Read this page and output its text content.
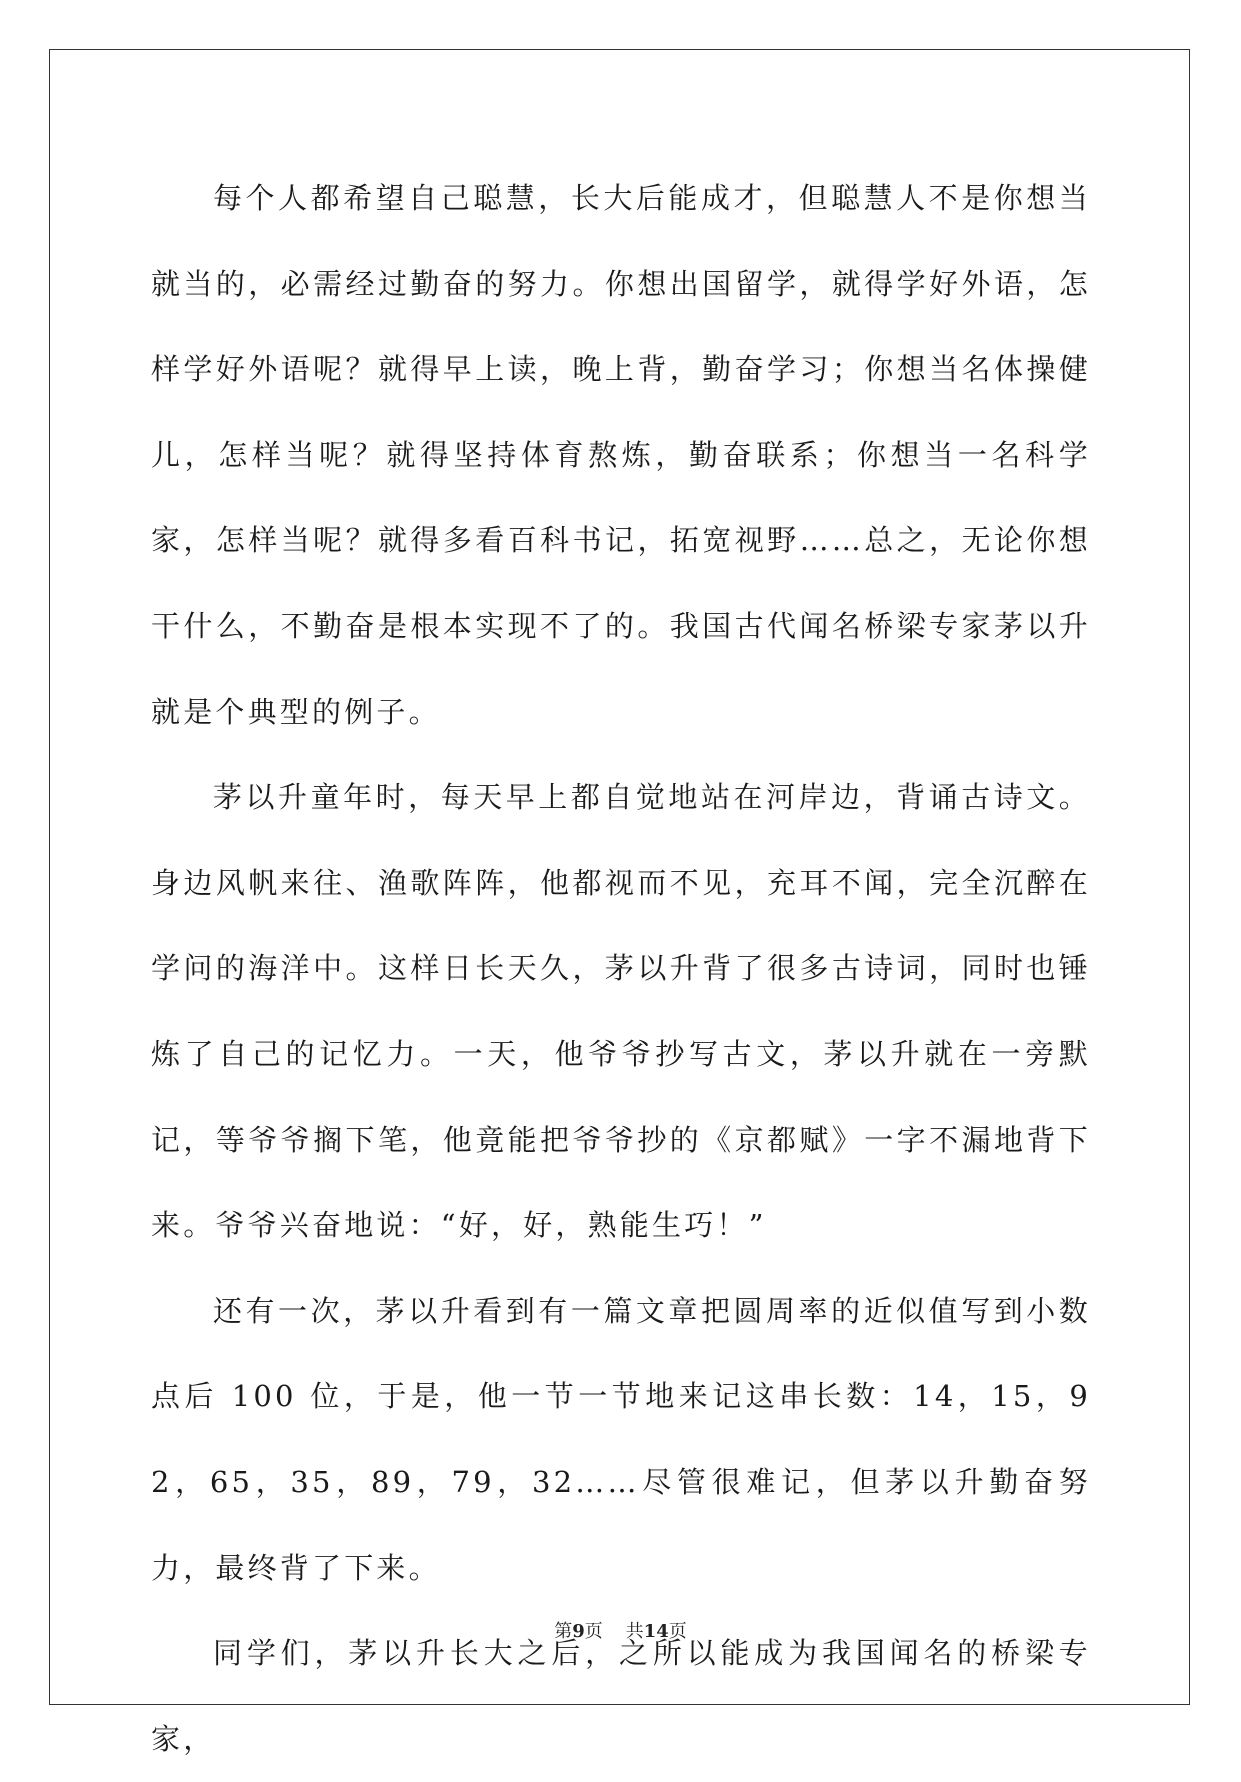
每个人都希望自己聪慧，长大后能成才，但聪慧人不是你想当就当的，必需经过勤奋的努力。你想出国留学，就得学好外语，怎样学好外语呢？就得早上读，晚上背，勤奋学习；你想当名体操健儿，怎样当呢？就得坚持体育熬炼，勤奋联系；你想当一名科学家，怎样当呢？就得多看百科书记，拓宽视野……总之，无论你想干什么，不勤奋是根本实现不了的。我国古代闻名桥梁专家茅以升就是个典型的例子。

茅以升童年时，每天早上都自觉地站在河岸边，背诵古诗文。身边风帆来往、渔歌阵阵，他都视而不见，充耳不闻，完全沉醉在学问的海洋中。这样日长天久，茅以升背了很多古诗词，同时也锤炼了自己的记忆力。一天，他爷爷抄写古文，茅以升就在一旁默记，等爷爷搁下笔，他竟能把爷爷抄的《京都赋》一字不漏地背下来。爷爷兴奋地说：“好，好，熟能生巧！”

还有一次，茅以升看到有一篇文章把圆周率的近似值写到小数点后 100 位，于是，他一节一节地来记这串长数：14，15，92，65，35，89，79，32……尽管很难记，但茅以升勤奋努力，最终背了下来。

同学们，茅以升长大之后，之所以能成为我国闻名的桥梁专家，

第9页 共14页
